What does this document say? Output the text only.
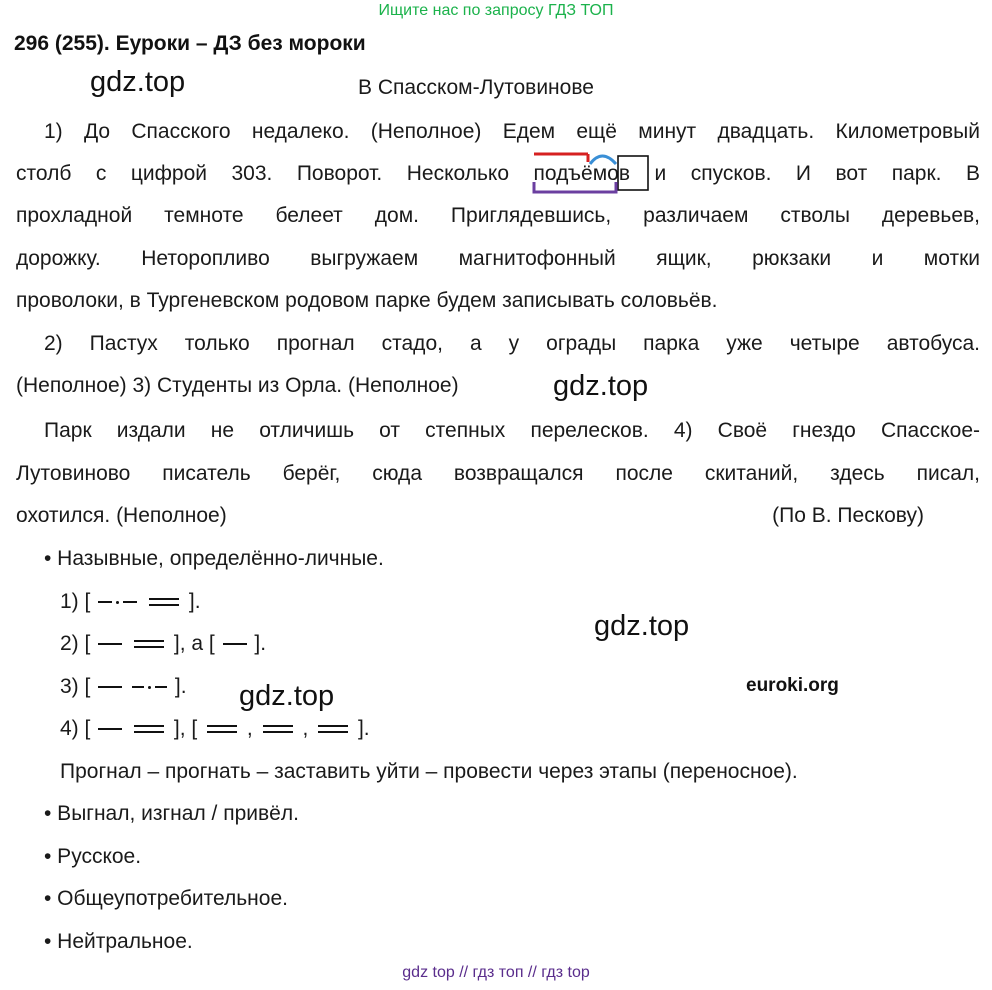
Ищите нас по запросу ГДЗ ТОП
296 (255). Еуроки – ДЗ без мороки
gdz.top	В Спасском-Лутовинове
1) До Спасского недалеко. (Неполное) Едем ещё минут двадцать. Километровый
столб с цифрой 303. Поворот. Несколько подъёмов и спусков. И вот парк. В
прохладной темноте белеет дом. Приглядевшись, различаем стволы деревьев,
дорожку. Неторопливо выгружаем магнитофонный ящик, рюкзаки и мотки
проволоки, в Тургеневском родовом парке будем записывать соловьёв.
2) Пастух только прогнал стадо, а у ограды парка уже четыре автобуса.
(Неполное) 3) Студенты из Орла. (Неполное)	gdz.top
Парк издали не отличишь от степных перелесков. 4) Своё гнездо Спасское-
Лутовиново писатель берёг, сюда возвращался после скитаний, здесь писал,
охотился. (Неполное)	(По В. Пескову)
• Назывные, определённо-личные.
1) [	].
2) [	], а [ ].
gdz.top
3) [	]. gdz.top	euroki.org
4) [	], [ , , ].
Прогнал – прогнать – заставить уйти – провести через этапы (переносное).
• Выгнал, изгнал / привёл.
• Русское.
• Общеупотребительное.
• Нейтральное.
gdz top // гдз топ // гдз top
